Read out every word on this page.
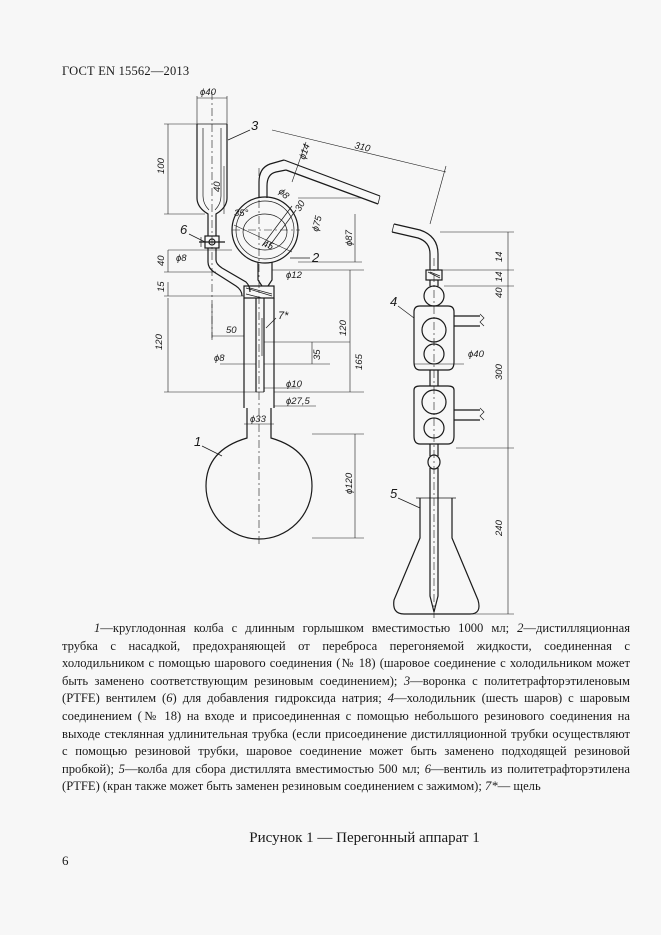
ГОСТ EN 15562—2013
3
6
2
7*
1
4
5
ϕ40
100
40
ϕ14	310
ϕ8
35°
ϕ75
ϕ87
45
40 ϕ8
ϕ12
15
50
120
120
ϕ8	35	165
ϕ10
ϕ27,5
ϕ33
ϕ120
14
14
ϕ40
300
240
30
40
1—круглодонная колба с длинным горлышком вместимостью 1000 мл; 2—дистилляционная трубка с насадкой, предохраняющей от переброса перегоняемой жидкости, соединенная с холодильником с помощью шарового соединения (№ 18) (шаровое соединение с холодильником может быть заменено соответствующим резиновым соединением); 3—воронка с политетрафторэтиленовым (PTFE) вентилем (6) для добавления гидроксида натрия; 4—холодильник (шесть шаров) с шаровым соединением (№ 18) на входе и присоединенная с помощью небольшого резинового соединения на выходе стеклянная удлинительная трубка (если присоединение дистилляционной трубки осуществляют с помощью резиновой трубки, шаровое соединение может быть заменено подходящей резиновой пробкой); 5—колба для сбора дистиллята вместимостью 500 мл; 6—вентиль из политетрафторэтилена (PTFE) (кран также может быть заменен резиновым соединением с зажимом); 7*— щель
Рисунок 1 — Перегонный аппарат 1
6
